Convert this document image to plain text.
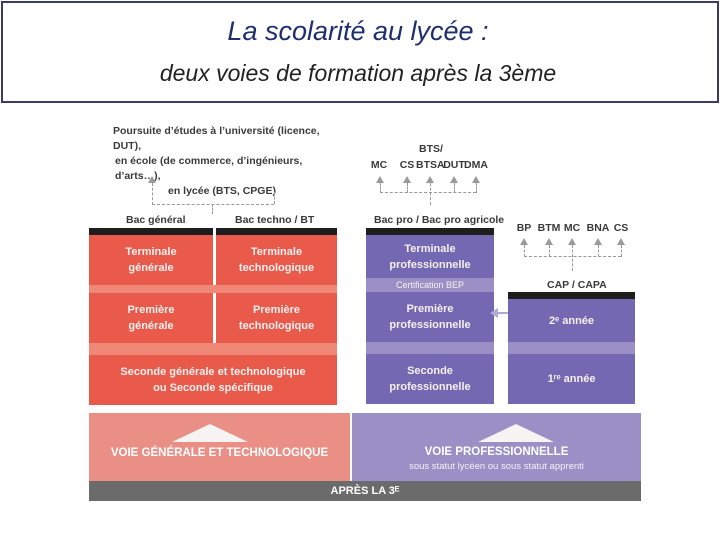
La scolarité au lycée :
deux voies de formation après la 3ème
Poursuite d’études à l’université (licence, DUT),
en école (de commerce, d’ingénieurs, d’arts…),
en lycée (BTS, CPGE)
BTS/
MC CS BTSA
DUT DMA
BP BTM MC BNA CS
Bac général	Bac techno / BT	Bac pro / Bac pro agricole
CAP / CAPA
Terminale
générale
Terminale
technologique
Première
générale
Première
technologique
Seconde générale et technologique
ou Seconde spécifique
Terminale
professionnelle
Certification BEP
Première
professionnelle
Seconde
professionnelle
2ᵉ année
1ʳᵉ année
VOIE GÉNÉRALE ET TECHNOLOGIQUE	VOIE PROFESSIONNELLE
sous statut lycéen ou sous statut apprenti
APRÈS LA 3ᴱ
